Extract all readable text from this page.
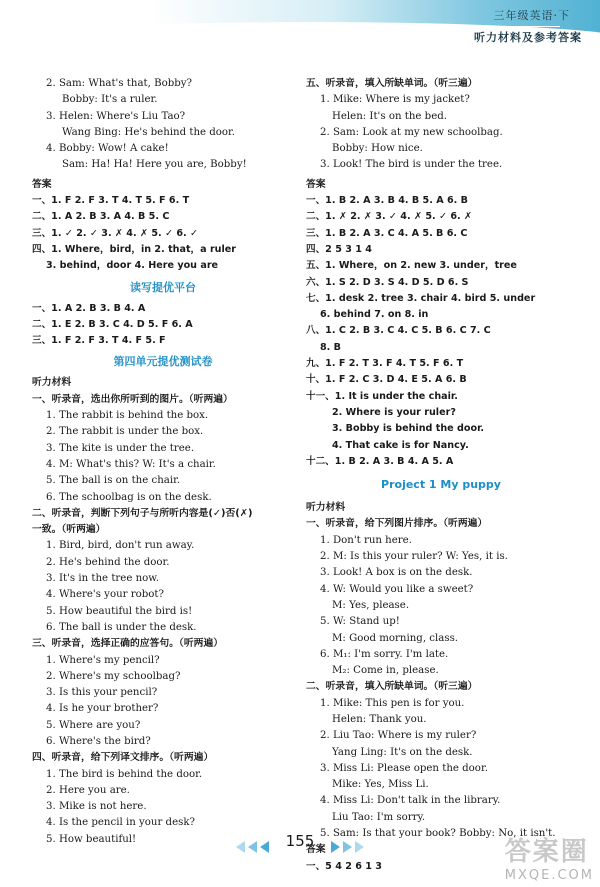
三年级英语·下
听力材料及参考答案
2. Sam: What's that, Bobby?
Bobby: It's a ruler.
3. Helen: Where's Liu Tao?
Wang Bing: He's behind the door.
4. Bobby: Wow! A cake!
Sam: Ha! Ha! Here you are, Bobby!
答案
一、1. F 2. F 3. T 4. T 5. F 6. T
二、1. A 2. B 3. A 4. B 5. C
三、1. ✓ 2. ✓ 3. ✗ 4. ✗ 5. ✓ 6. ✓
四、1. Where，bird，in 2. that，a ruler
3. behind，door 4. Here you are
读写提优平台
一、1. A 2. B 3. B 4. A
二、1. E 2. B 3. C 4. D 5. F 6. A
三、1. F 2. F 3. T 4. F 5. F
第四单元提优测试卷
听力材料
一、听录音，选出你所听到的图片。（听两遍）
1. The rabbit is behind the box.
2. The rabbit is under the box.
3. The kite is under the tree.
4. M: What's this? W: It's a chair.
5. The ball is on the chair.
6. The schoolbag is on the desk.
二、听录音，判断下列句子与所听内容是(✓)否(✗)
一致。（听两遍）
1. Bird, bird, don't run away.
2. He's behind the door.
3. It's in the tree now.
4. Where's your robot?
5. How beautiful the bird is!
6. The ball is under the desk.
三、听录音，选择正确的应答句。（听两遍）
1. Where's my pencil?
2. Where's my schoolbag?
3. Is this your pencil?
4. Is he your brother?
5. Where are you?
6. Where's the bird?
四、听录音，给下列译文排序。（听两遍）
1. The bird is behind the door.
2. Here you are.
3. Mike is not here.
4. Is the pencil in your desk?
5. How beautiful!
五、听录音，填入所缺单词。（听三遍）
1. Mike: Where is my jacket?
Helen: It's on the bed.
2. Sam: Look at my new schoolbag.
Bobby: How nice.
3. Look! The bird is under the tree.
答案
一、1. B 2. A 3. B 4. B 5. A 6. B
二、1. ✗ 2. ✗ 3. ✓ 4. ✗ 5. ✓ 6. ✗
三、1. B 2. A 3. C 4. A 5. B 6. C
四、2 5 3 1 4
五、1. Where，on 2. new 3. under，tree
六、1. S 2. D 3. S 4. D 5. D 6. S
七、1. desk 2. tree 3. chair 4. bird 5. under
6. behind 7. on 8. in
八、1. C 2. B 3. C 4. C 5. B 6. C 7. C
8. B
九、1. F 2. T 3. F 4. T 5. F 6. T
十、1. F 2. C 3. D 4. E 5. A 6. B
十一、1. It is under the chair.
2. Where is your ruler?
3. Bobby is behind the door.
4. That cake is for Nancy.
十二、1. B 2. A 3. B 4. A 5. A
Project 1 My puppy
听力材料
一、听录音，给下列图片排序。（听两遍）
1. Don't run here.
2. M: Is this your ruler? W: Yes, it is.
3. Look! A box is on the desk.
4. W: Would you like a sweet?
M: Yes, please.
5. W: Stand up!
M: Good morning, class.
6. M₁: I'm sorry. I'm late.
M₂: Come in, please.
二、听录音，填入所缺单词。（听三遍）
1. Mike: This pen is for you.
Helen: Thank you.
2. Liu Tao: Where is my ruler?
Yang Ling: It's on the desk.
3. Miss Li: Please open the door.
Mike: Yes, Miss Li.
4. Miss Li: Don't talk in the library.
Liu Tao: I'm sorry.
5. Sam: Is that your book? Bobby: No, it isn't.
答案
一、5 4 2 6 1 3
155	答案圈
MXQE.COM
